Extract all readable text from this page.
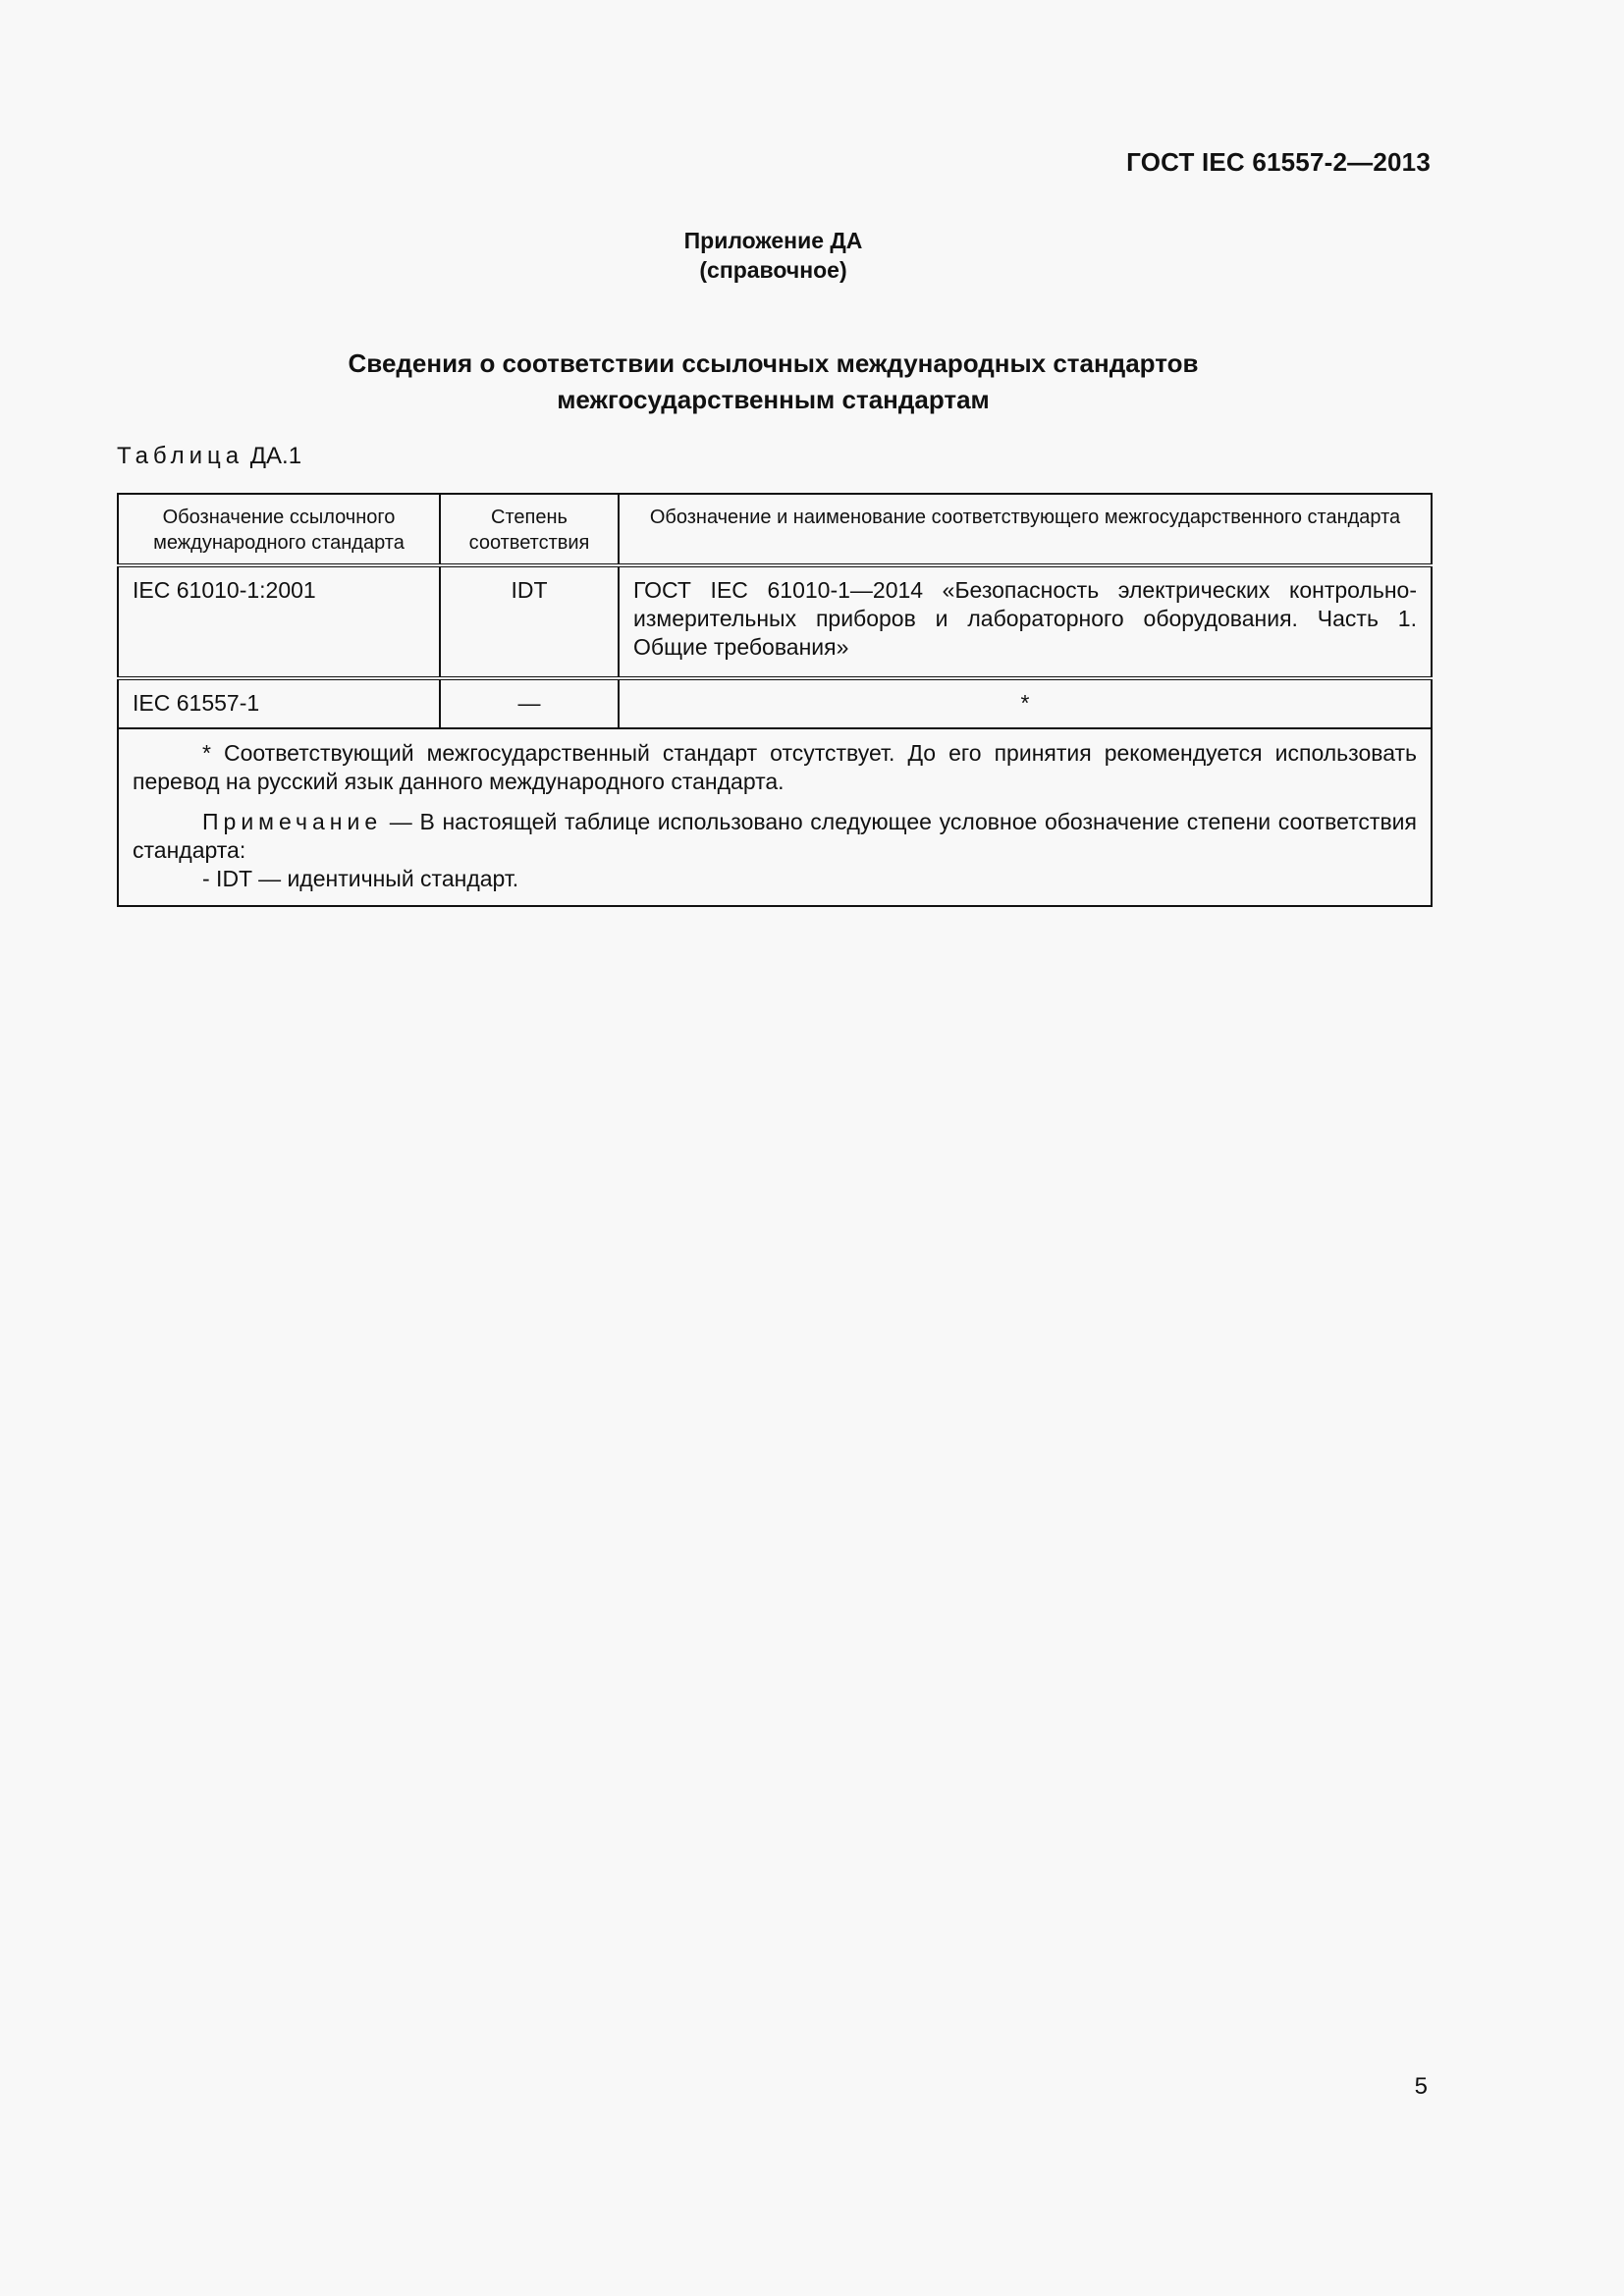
ГОСТ IEC 61557-2—2013
Приложение ДА
(справочное)
Сведения о соответствии ссылочных международных стандартов
межгосударственным стандартам
Таблица ДА.1
Обозначение ссылочного международного стандарта	Степень соответствия	Обозначение и наименование соответствующего межгосударственного стандарта
IEC 61010-1:2001	IDT	ГОСТ IEC 61010-1—2014 «Безопасность электрических контрольно-измерительных приборов и лабораторного оборудования. Часть 1. Общие требования»
IEC 61557-1	—	*

* Соответствующий межгосударственный стандарт отсутствует. До его принятия рекомендуется использовать перевод на русский язык данного международного стандарта.
Примечание — В настоящей таблице использовано следующее условное обозначение степени соответствия стандарта:
- IDT — идентичный стандарт.		
5
